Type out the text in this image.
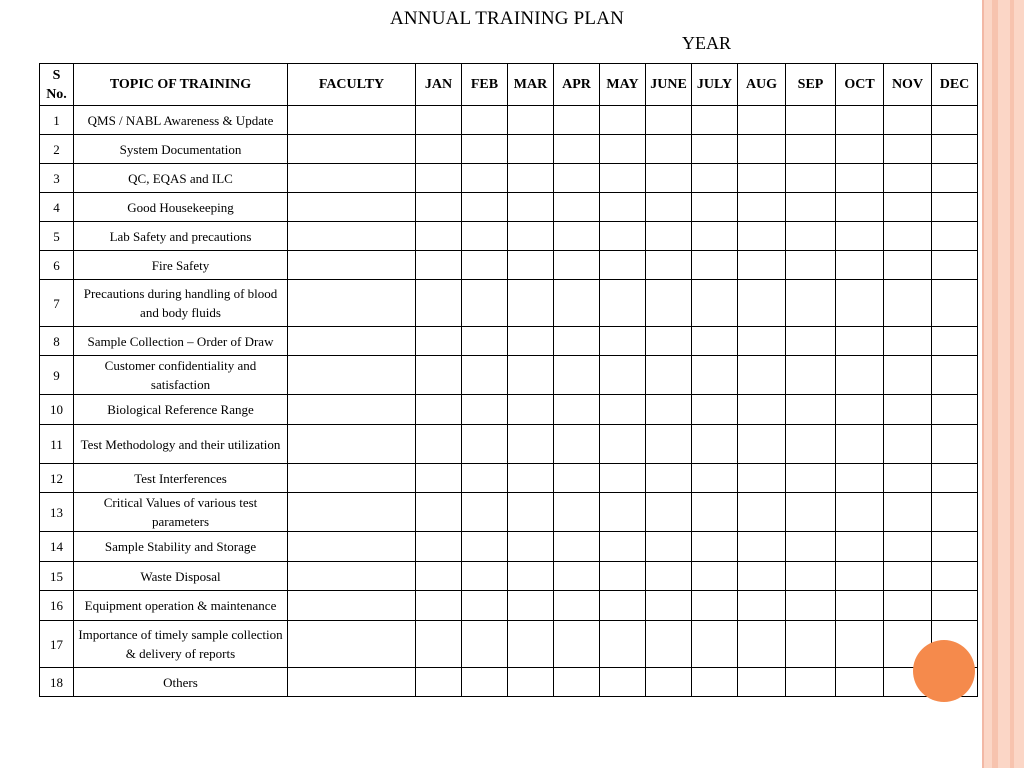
ANNUAL TRAINING PLAN
YEAR
S
No.	TOPIC OF TRAINING	FACULTY	JAN	FEB	MAR	APR	MAY	JUNE	JULY	AUG	SEP	OCT	NOV	DEC
1	QMS / NABL Awareness & Update													
2	System Documentation													
3	QC, EQAS and ILC													
4	Good Housekeeping													
5	Lab Safety and precautions													
6	Fire Safety													
7	Precautions during handling of blood and body fluids													
8	Sample Collection – Order of Draw													
9	Customer confidentiality and satisfaction													
10	Biological Reference Range													
11	Test Methodology and their utilization													
12	Test Interferences													
13	Critical Values of various test parameters													
14	Sample Stability and Storage													
15	Waste Disposal													
16	Equipment operation & maintenance													
17	Importance of timely sample collection & delivery of reports													
18	Others													
